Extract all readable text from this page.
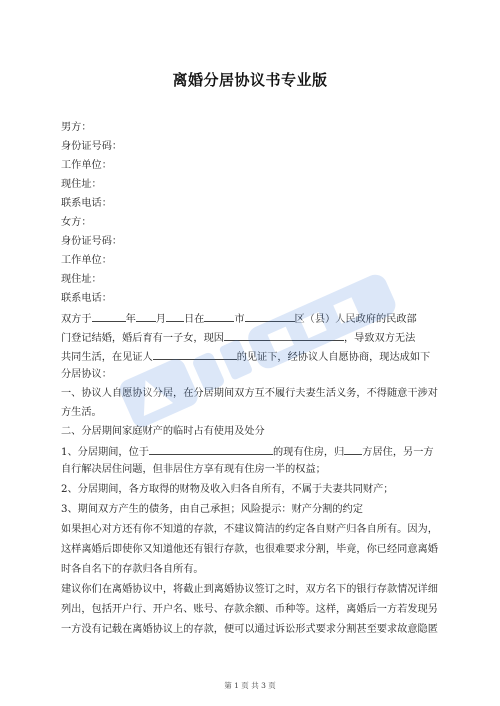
离婚分居协议书专业版
男方：
身份证号码：
工作单位：
现住址：
联系电话：
女方：
身份证号码：
工作单位：
现住址：
联系电话：
双方于	年 月 日在	市	区（县）人民政府的民政部
门登记结婚，婚后育有一子女，现因	，导致双方无法
共同生活，在见证人	的见证下，经协议人自愿协商，现达成如下
分居协议：
一、协议人自愿协议分居，在分居期间双方互不履行夫妻生活义务，不得随意干涉对
方生活。
二、分居期间家庭财产的临时占有使用及处分
1、分居期间，位于	的现有住房，归 方居住，另一方
自行解决居住问题，但非居住方享有现有住房一半的权益；
2、分居期间，各方取得的财物及收入归各自所有，不属于夫妻共同财产；
3、期间双方产生的债务，由自己承担；风险提示：财产分割的约定
如果担心对方还有你不知道的存款，不建议简洁的约定各自财产归各自所有。因为，
这样离婚后即使你又知道他还有银行存款，也很难要求分割，毕竟，你已经同意离婚
时各自名下的存款归各自所有。
建议你们在离婚协议中，将截止到离婚协议签订之时，双方名下的银行存款情况详细
列出，包括开户行、开户名、账号、存款余额、币种等。这样，离婚后一方若发现另
一方没有记载在离婚协议上的存款，便可以通过诉讼形式要求分割甚至要求故意隐匿
第 1 页 共 3 页
